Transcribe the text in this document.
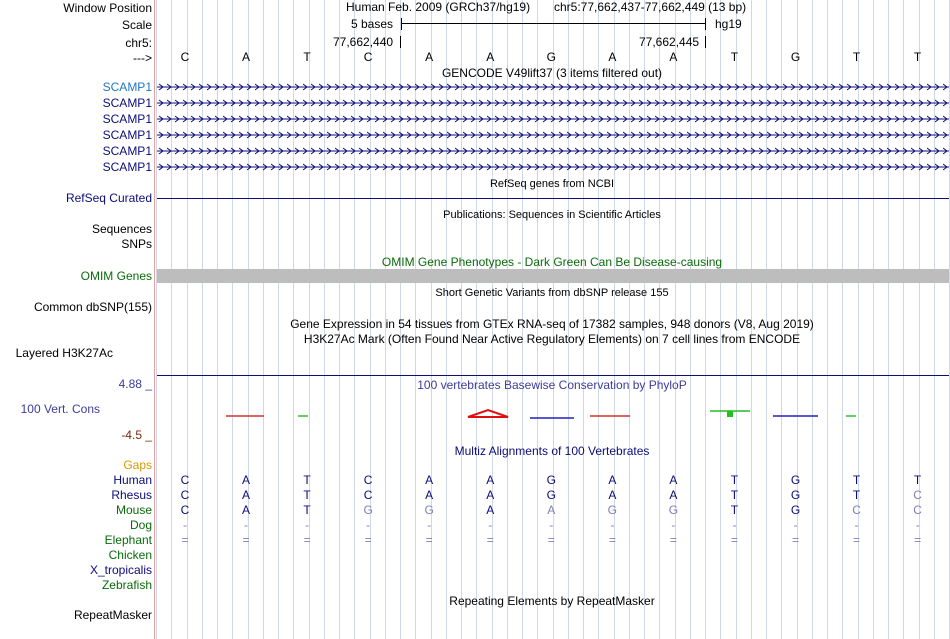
Window Position
Scale
chr5:
--->
Human Feb. 2009 (GRCh37/hg19) chr5:77,662,437-77,662,449 (13 bp)
5 bases	hg19
77,662,440	77,662,445
C	A	T	C	A	A	G	A	A	T	G	T	T
GENCODE V49lift37 (3 items filtered out)
SCAMP1
SCAMP1
SCAMP1
SCAMP1
SCAMP1
SCAMP1
RefSeq genes from NCBI
RefSeq Curated
Publications: Sequences in Scientific Articles
Sequences
SNPs
OMIM Gene Phenotypes - Dark Green Can Be Disease-causing
OMIM Genes
Short Genetic Variants from dbSNP release 155
Common dbSNP(155)
Gene Expression in 54 tissues from GTEx RNA-seq of 17382 samples, 948 donors (V8, Aug 2019)
H3K27Ac Mark (Often Found Near Active Regulatory Elements) on 7 cell lines from ENCODE
Layered H3K27Ac
100 vertebrates Basewise Conservation by PhyloP
4.88 _
100 Vert. Cons
-4.5 _
Multiz Alignments of 100 Vertebrates
Gaps
Human C	A	T	C	A	A	G	A	A	T	G	T	T
Rhesus C	A	T	C	A	A	G	A	A	T	G	T	C
Mouse C	A	T	G	G	A	A	G	G	T	G	C	C
Dog	-	-	-	-	-	-	-	-	-	-	-	-	-
Elephant =	=	=	=	=	=	=	=	=	=	=	=	=
Chicken
X_tropicalis
Zebrafish
Repeating Elements by RepeatMasker
RepeatMasker
